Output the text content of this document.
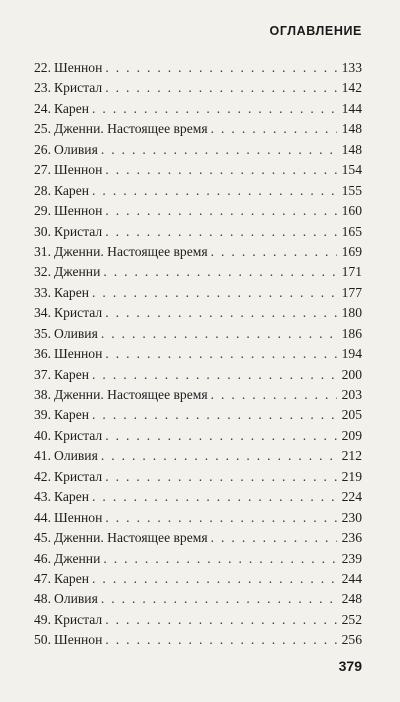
ОГЛАВЛЕНИЕ
22. Шеннон . . .	133
23. Кристал . . .	142
24. Карен . . .	144
25. Дженни. Настоящее время . . .	148
26. Оливия . . .	148
27. Шеннон . . .	154
28. Карен . . .	155
29. Шеннон . . .	160
30. Кристал . . .	165
31. Дженни. Настоящее время . . .	169
32. Дженни . . .	171
33. Карен . . .	177
34. Кристал . . .	180
35. Оливия . . .	186
36. Шеннон . . .	194
37. Карен . . .	200
38. Дженни. Настоящее время . . .	203
39. Карен . . .	205
40. Кристал . . .	209
41. Оливия . . .	212
42. Кристал . . .	219
43. Карен . . .	224
44. Шеннон . . .	230
45. Дженни. Настоящее время . . .	236
46. Дженни . . .	239
47. Карен . . .	244
48. Оливия . . .	248
49. Кристал . . .	252
50. Шеннон . . .	256
379
